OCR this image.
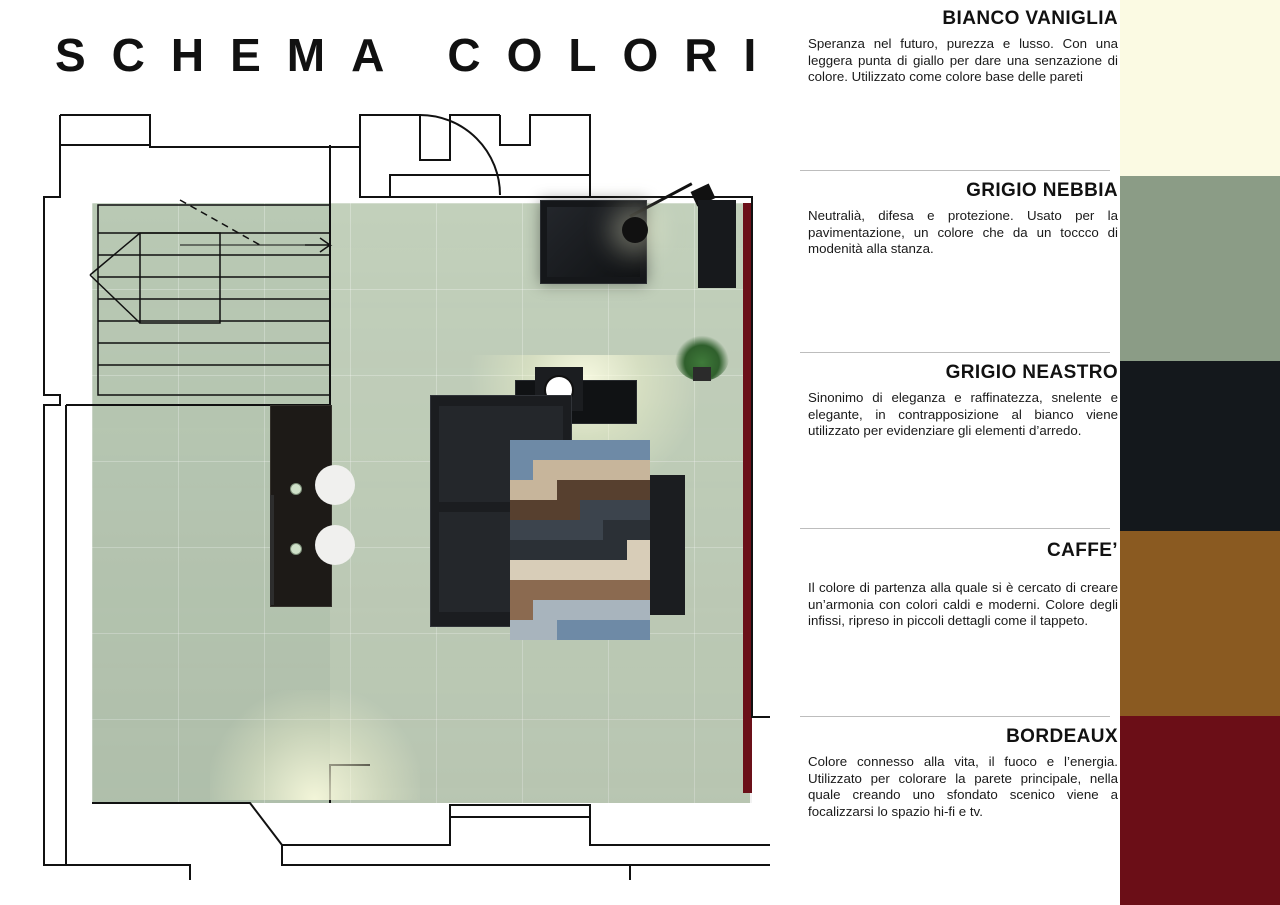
SCHEMA COLORI
BIANCO VANIGLIA

Speranza nel futuro, purezza e lusso. Con una leggera punta di giallo per dare una senzazione di colore. Utilizzato come colore base delle pareti

GRIGIO NEBBIA

Neutralià, difesa e protezione. Usato per la pavimentazione, un colore che da un toccco di modenità alla stanza.

GRIGIO NEASTRO

Sinonimo di eleganza e raffinatezza, snelente e elegante, in contrapposizione al bianco viene utilizzato per evidenziare gli elementi d’arredo.

CAFFE’

Il colore di partenza alla quale si è cercato di creare un’armonia con colori caldi e moderni. Colore degli infissi, ripreso in piccoli dettagli come il tappeto.

BORDEAUX

Colore connesso alla vita, il fuoco e l’energia. Utilizzato per colorare la parete principale, nella quale creando uno sfondato scenico viene a focalizzarsi lo spazio hi-fi e tv.
